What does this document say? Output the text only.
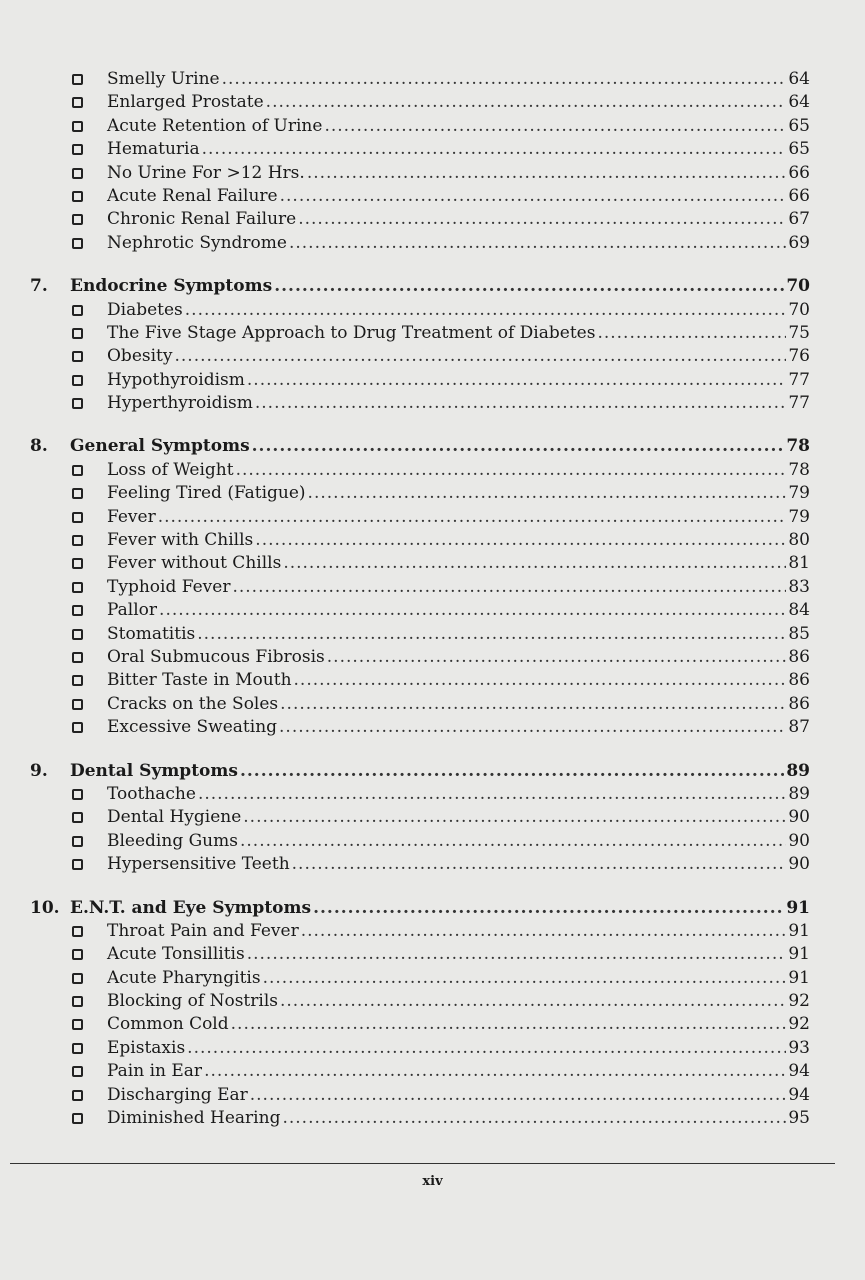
Smelly Urine .....	64
Enlarged Prostate .....	64
Acute Retention of Urine .....	65
Hematuria .....	65
No Urine For >12 Hrs. .....	66
Acute Renal Failure .....	66
Chronic Renal Failure .....	67
Nephrotic Syndrome .....	69
7.	Endocrine Symptoms .....	70
Diabetes .....	70
The Five Stage Approach to Drug Treatment of Diabetes .....	75
Obesity .....	76
Hypothyroidism .....	77
Hyperthyroidism .....	77
8.	General Symptoms .....	78
Loss of Weight .....	78
Feeling Tired (Fatigue) .....	79
Fever .....	79
Fever with Chills .....	80
Fever without Chills .....	81
Typhoid Fever .....	83
Pallor .....	84
Stomatitis .....	85
Oral Submucous Fibrosis .....	86
Bitter Taste in Mouth .....	86
Cracks on the Soles .....	86
Excessive Sweating .....	87
9.	Dental Symptoms .....	89
Toothache .....	89
Dental Hygiene .....	90
Bleeding Gums .....	90
Hypersensitive Teeth .....	90
10. E.N.T. and Eye Symptoms .....	91
Throat Pain and Fever .....	91
Acute Tonsillitis .....	91
Acute Pharyngitis .....	91
Blocking of Nostrils .....	92
Common Cold .....	92
Epistaxis .....	93
Pain in Ear .....	94
Discharging Ear .....	94
Diminished Hearing .....	95
xiv
